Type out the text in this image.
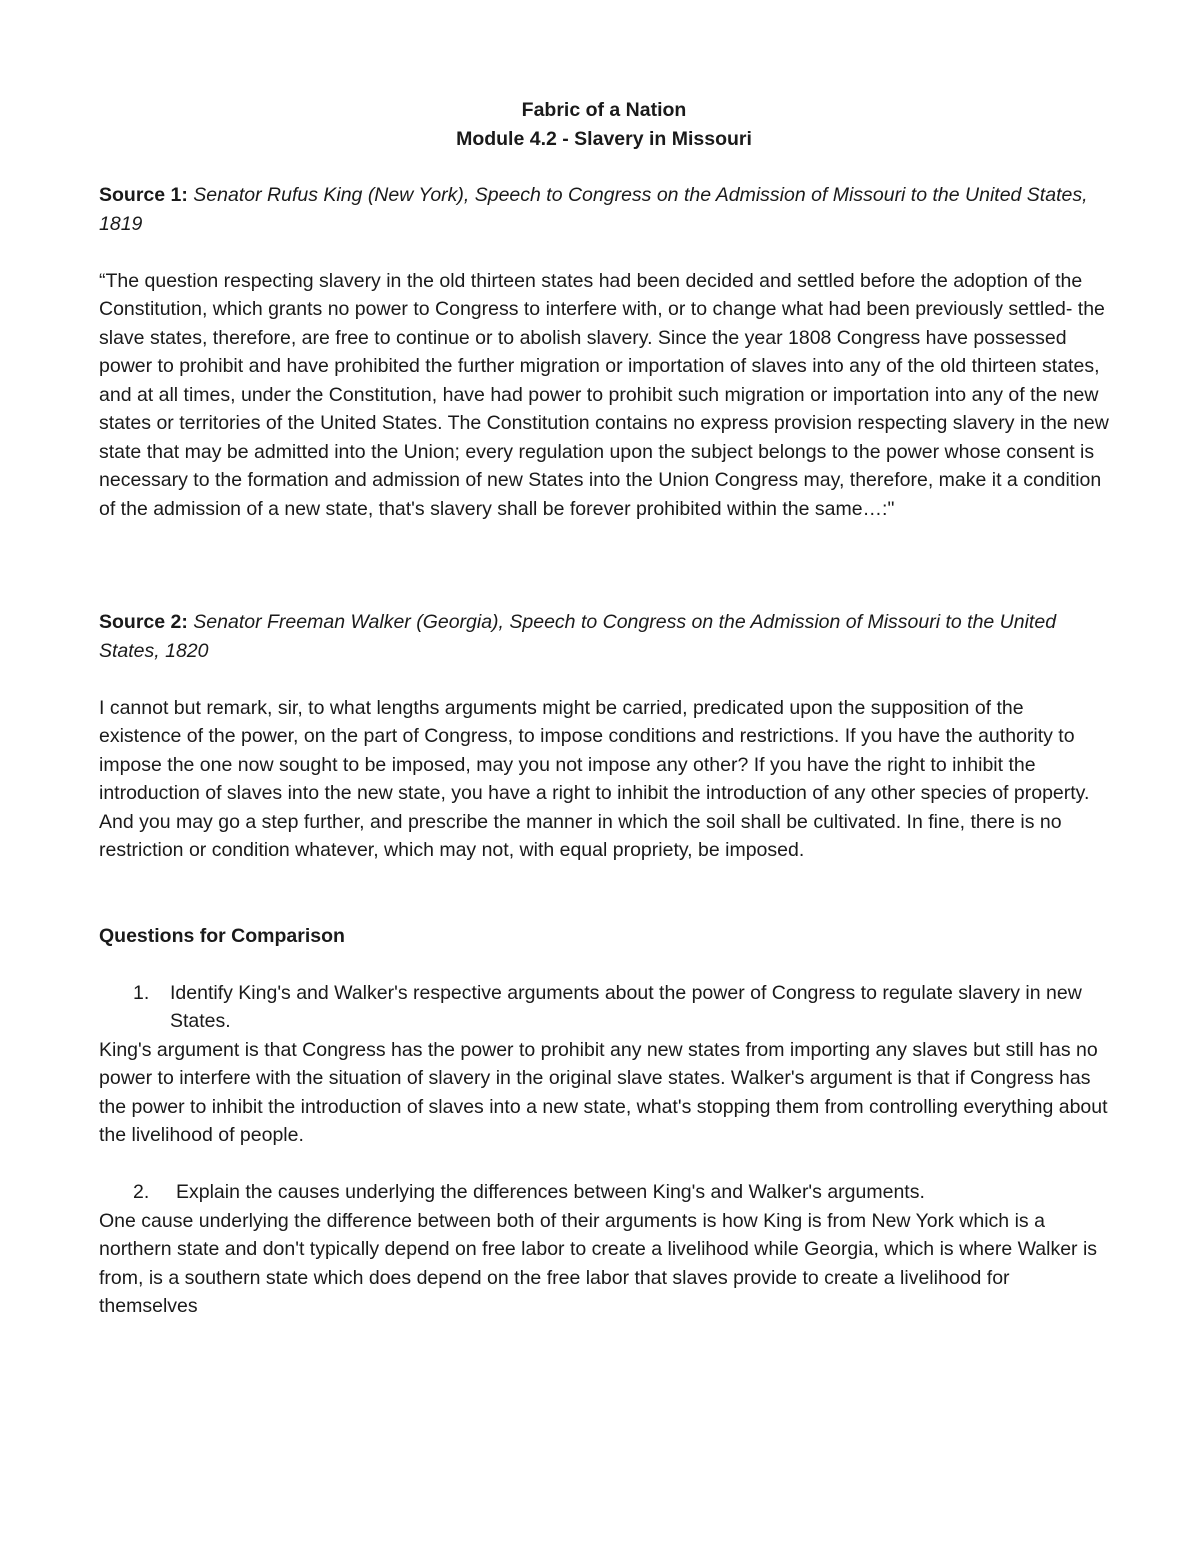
Fabric of a Nation
Module 4.2 - Slavery in Missouri
Source 1: Senator Rufus King (New York), Speech to Congress on the Admission of Missouri to the United States, 1819

“The question respecting slavery in the old thirteen states had been decided and settled before the adoption of the Constitution, which grants no power to Congress to interfere with, or to change what had been previously settled- the slave states, therefore, are free to continue or to abolish slavery. Since the year 1808 Congress have possessed power to prohibit and have prohibited the further migration or importation of slaves into any of the old thirteen states, and at all times, under the Constitution, have had power to prohibit such migration or importation into any of the new states or territories of the United States. The Constitution contains no express provision respecting slavery in the new state that may be admitted into the Union; every regulation upon the subject belongs to the power whose consent is necessary to the formation and admission of new States into the Union Congress may, therefore, make it a condition of the admission of a new state, that's slavery shall be forever prohibited within the same…:"

Source 2: Senator Freeman Walker (Georgia), Speech to Congress on the Admission of Missouri to the United States, 1820

I cannot but remark, sir, to what lengths arguments might be carried, predicated upon the supposition of the existence of the power, on the part of Congress, to impose conditions and restrictions. If you have the authority to impose the one now sought to be imposed, may you not impose any other? If you have the right to inhibit the introduction of slaves into the new state, you have a right to inhibit the introduction of any other species of property. And you may go a step further, and prescribe the manner in which the soil shall be cultivated. In fine, there is no restriction or condition whatever, which may not, with equal propriety, be imposed.

Questions for Comparison
1. Identify King's and Walker's respective arguments about the power of Congress to regulate slavery in new States.

King's argument is that Congress has the power to prohibit any new states from importing any slaves but still has no power to interfere with the situation of slavery in the original slave states. Walker's argument is that if Congress has the power to inhibit the introduction of slaves into a new state, what's stopping them from controlling everything about the livelihood of people.

2. Explain the causes underlying the differences between King's and Walker's arguments.

One cause underlying the difference between both of their arguments is how King is from New York which is a northern state and don't typically depend on free labor to create a livelihood while Georgia, which is where Walker is from, is a southern state which does depend on the free labor that slaves provide to create a livelihood for themselves
